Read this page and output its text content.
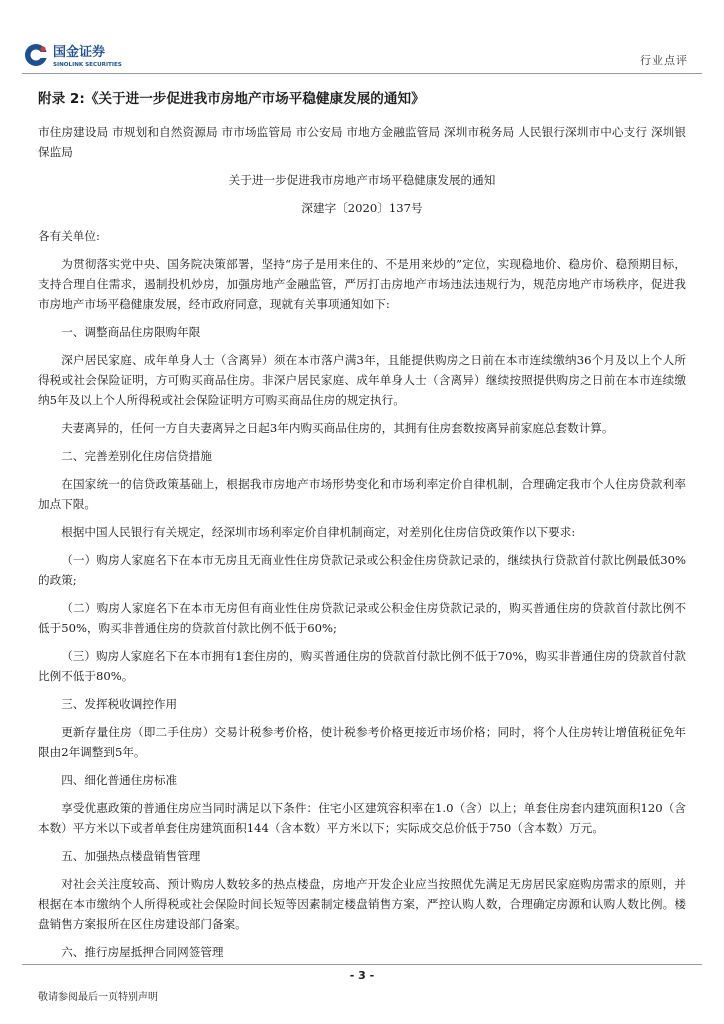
国金证券
SINOLINK SECURITIES	行业点评
附录 2:《关于进一步促进我市房地产市场平稳健康发展的通知》

市住房建设局 市规划和自然资源局 市市场监管局 市公安局 市地方金融监管局 深圳市税务局 人民银行深圳市中心支行 深圳银保监局

关于进一步促进我市房地产市场平稳健康发展的通知
深建字〔2020〕137号

各有关单位:

为贯彻落实党中央、国务院决策部署，坚持“房子是用来住的、不是用来炒的”定位，实现稳地价、稳房价、稳预期目标，支持合理自住需求，遏制投机炒房，加强房地产金融监管，严厉打击房地产市场违法违规行为，规范房地产市场秩序，促进我市房地产市场平稳健康发展，经市政府同意，现就有关事项通知如下:

一、调整商品住房限购年限

深户居民家庭、成年单身人士（含离异）须在本市落户满3年，且能提供购房之日前在本市连续缴纳36个月及以上个人所得税或社会保险证明，方可购买商品住房。非深户居民家庭、成年单身人士（含离异）继续按照提供购房之日前在本市连续缴纳5年及以上个人所得税或社会保险证明方可购买商品住房的规定执行。

夫妻离异的，任何一方自夫妻离异之日起3年内购买商品住房的，其拥有住房套数按离异前家庭总套数计算。

二、完善差别化住房信贷措施

在国家统一的信贷政策基础上，根据我市房地产市场形势变化和市场利率定价自律机制，合理确定我市个人住房贷款利率加点下限。

根据中国人民银行有关规定，经深圳市场利率定价自律机制商定，对差别化住房信贷政策作以下要求:

（一）购房人家庭名下在本市无房且无商业性住房贷款记录或公积金住房贷款记录的，继续执行贷款首付款比例最低30%的政策;

（二）购房人家庭名下在本市无房但有商业性住房贷款记录或公积金住房贷款记录的，购买普通住房的贷款首付款比例不低于50%，购买非普通住房的贷款首付款比例不低于60%;

（三）购房人家庭名下在本市拥有1套住房的，购买普通住房的贷款首付款比例不低于70%，购买非普通住房的贷款首付款比例不低于80%。

三、发挥税收调控作用

更新存量住房（即二手住房）交易计税参考价格，使计税参考价格更接近市场价格；同时，将个人住房转让增值税征免年限由2年调整到5年。

四、细化普通住房标准

享受优惠政策的普通住房应当同时满足以下条件：住宅小区建筑容积率在1.0（含）以上；单套住房套内建筑面积120（含本数）平方米以下或者单套住房建筑面积144（含本数）平方米以下；实际成交总价低于750（含本数）万元。

五、加强热点楼盘销售管理

对社会关注度较高、预计购房人数较多的热点楼盘，房地产开发企业应当按照优先满足无房居民家庭购房需求的原则，并根据在本市缴纳个人所得税或社会保险时间长短等因素制定楼盘销售方案，严控认购人数，合理确定房源和认购人数比例。楼盘销售方案报所在区住房建设部门备案。

六、推行房屋抵押合同网签管理

- 3 -
敬请参阅最后一页特别声明
